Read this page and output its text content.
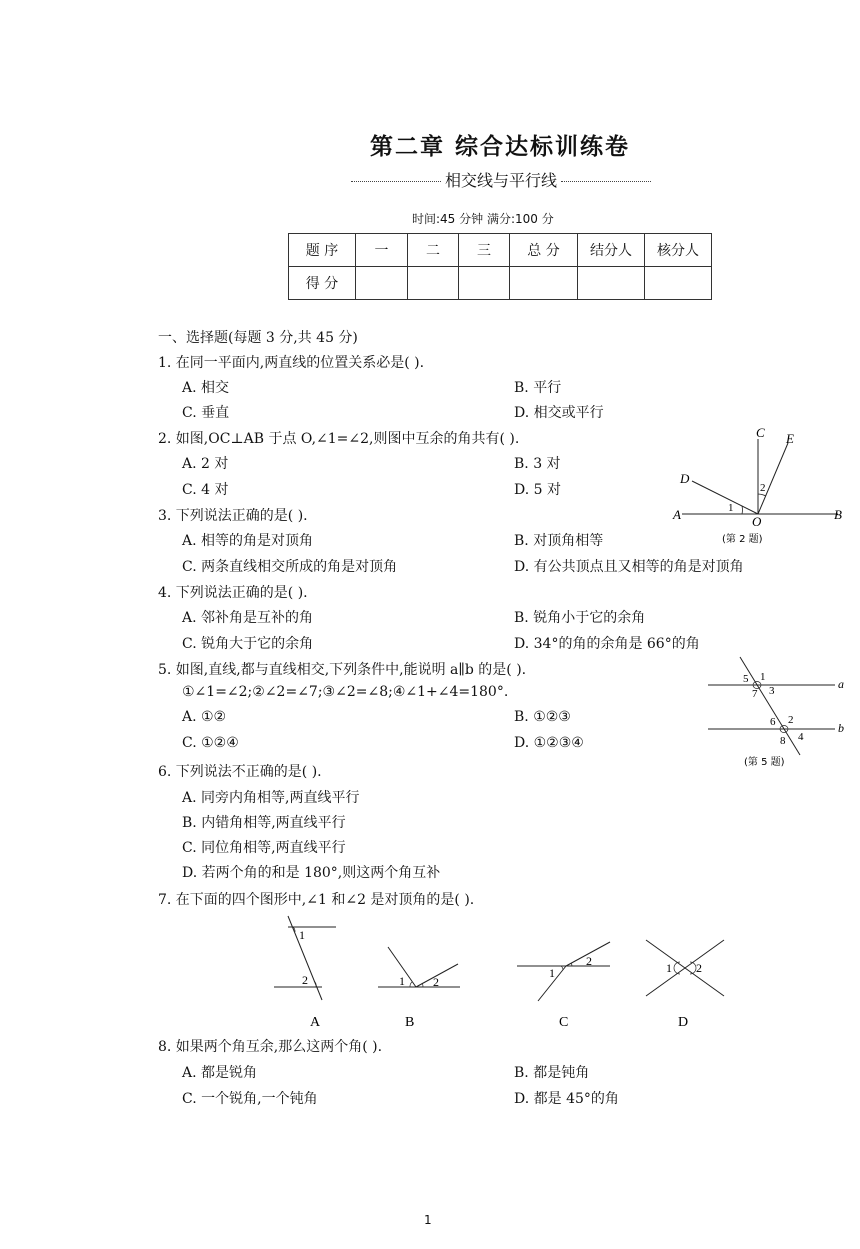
第二章 综合达标训练卷
相交线与平行线
时间:45 分钟 满分:100 分
题 序	一	二	三	总 分	结分人	核分人
得 分						
一、选择题(每题 3 分,共 45 分)
1. 在同一平面内,两直线的位置关系必是( ).
A. 相交	B. 平行
C. 垂直	D. 相交或平行
2. 如图,OC⊥AB 于点 O,∠1=∠2,则图中互余的角共有( ).
A. 2 对	B. 3 对
C. 4 对	D. 5 对
C E
D
A	O	B
1
2
(第 2 题)
3. 下列说法正确的是( ).
A. 相等的角是对顶角	B. 对顶角相等
C. 两条直线相交所成的角是对顶角	D. 有公共顶点且又相等的角是对顶角
4. 下列说法正确的是( ).
A. 邻补角是互补的角	B. 锐角小于它的余角
C. 锐角大于它的余角	D. 34°的角的余角是 66°的角
5. 如图,直线,都与直线相交,下列条件中,能说明 a∥b 的是( ).
①∠1=∠2;②∠2=∠7;③∠2=∠8;④∠1+∠4=180°.
A. ①②	B. ①②③
C. ①②④	D. ①②③④
5 1
7 3	a
6 2
8 4
b
(第 5 题)
6. 下列说法不正确的是( ).
A. 同旁内角相等,两直线平行
B. 内错角相等,两直线平行
C. 同位角相等,两直线平行
D. 若两个角的和是 180°,则这两个角互补
7. 在下面的四个图形中,∠1 和∠2 是对顶角的是( ).
1
2
A
1 2
B
1
2
C
1 2
D
8. 如果两个角互余,那么这两个角( ).
A. 都是锐角	B. 都是钝角
C. 一个锐角,一个钝角	D. 都是 45°的角
1
